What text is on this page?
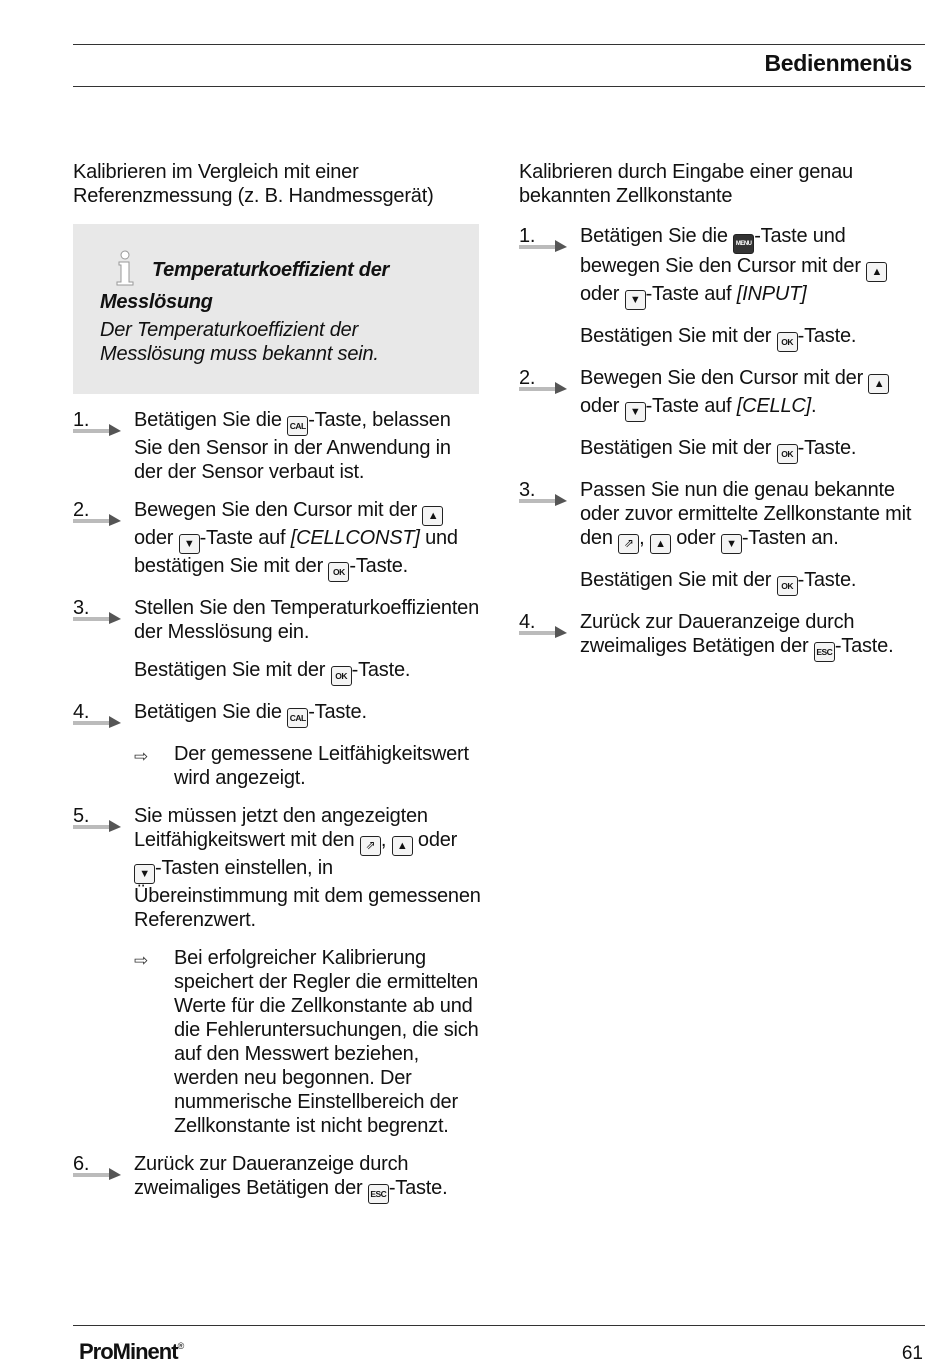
Bedienmenüs
Kalibrieren im Vergleich mit einer Referenzmessung (z. B. Handmessgerät)
Temperaturkoeffizient der Messlösung
Der Temperaturkoeffizient der Messlösung muss bekannt sein.
1.	Betätigen Sie die CAL -Taste, belassen Sie den Sensor in der Anwendung in der der Sensor verbaut ist.

2.	Bewegen Sie den Cursor mit der ▲ oder ▼ -Taste auf [CELLCONST] und bestätigen Sie mit der OK -Taste.

3.	Stellen Sie den Temperaturkoeffizienten der Messlösung ein.

Bestätigen Sie mit der OK -Taste.

4.	Betätigen Sie die CAL -Taste.

⇨ Der gemessene Leitfähigkeitswert wird angezeigt.
5.	Sie müssen jetzt den angezeigten Leitfähigkeitswert mit den ⇗ , ▲ oder ▼ -Tasten einstellen, in Übereinstimmung mit dem gemessenen Referenzwert.

⇨ Bei erfolgreicher Kalibrierung speichert der Regler die ermittelten Werte für die Zellkonstante ab und die Fehleruntersuchungen, die sich auf den Messwert beziehen, werden neu begonnen. Der nummerische Einstellbereich der Zellkonstante ist nicht begrenzt.
6.	Zurück zur Daueranzeige durch zweimaliges Betätigen der ESC -Taste.

Kalibrieren durch Eingabe einer genau bekannten Zellkonstante
1.	Betätigen Sie die MENU -Taste und bewegen Sie den Cursor mit der ▲ oder ▼ -Taste auf [INPUT]

Bestätigen Sie mit der OK -Taste.

2.	Bewegen Sie den Cursor mit der ▲ oder ▼ -Taste auf [CELLC].

Bestätigen Sie mit der OK -Taste.

3.	Passen Sie nun die genau bekannte oder zuvor ermittelte Zellkonstante mit den ⇗ , ▲ oder ▼ -Tasten an.

Bestätigen Sie mit der OK -Taste.

4.	Zurück zur Daueranzeige durch zweimaliges Betätigen der ESC -Taste.

ProMinent®	61
